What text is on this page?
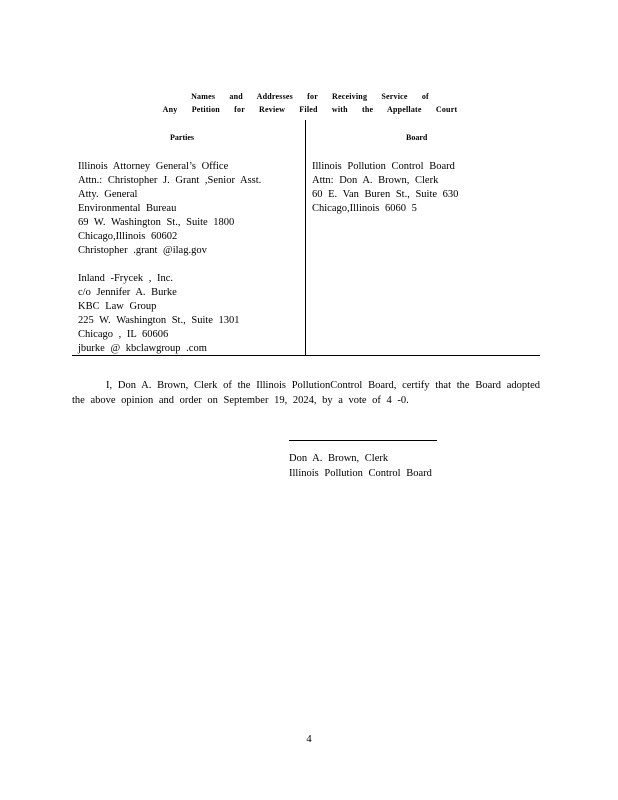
Names and Addresses for Receiving Service of
Any Petition for Review Filed with the Appellate Court
Parties	Board
Illinois Attorney General’s Office
Attn.: Christopher J. Grant ,Senior Asst.
Atty. General
Environmental Bureau
69 W. Washington St., Suite 1800
Chicago,Illinois 60602
Christopher .grant @ilag.gov
Inland -Frycek , Inc.
c/o Jennifer A. Burke
KBC Law Group
225 W. Washington St., Suite 1301
Chicago , IL 60606
jburke @ kbclawgroup .com
Illinois Pollution Control Board
Attn: Don A. Brown, Clerk
60 E. Van Buren St., Suite 630
Chicago,Illinois 6060 5
I, Don A. Brown, Clerk of the Illinois PollutionControl Board, certify that the Board adopted the above opinion and order on September 19, 2024, by a vote of 4 -0.
Don A. Brown, Clerk
Illinois Pollution Control Board
4
